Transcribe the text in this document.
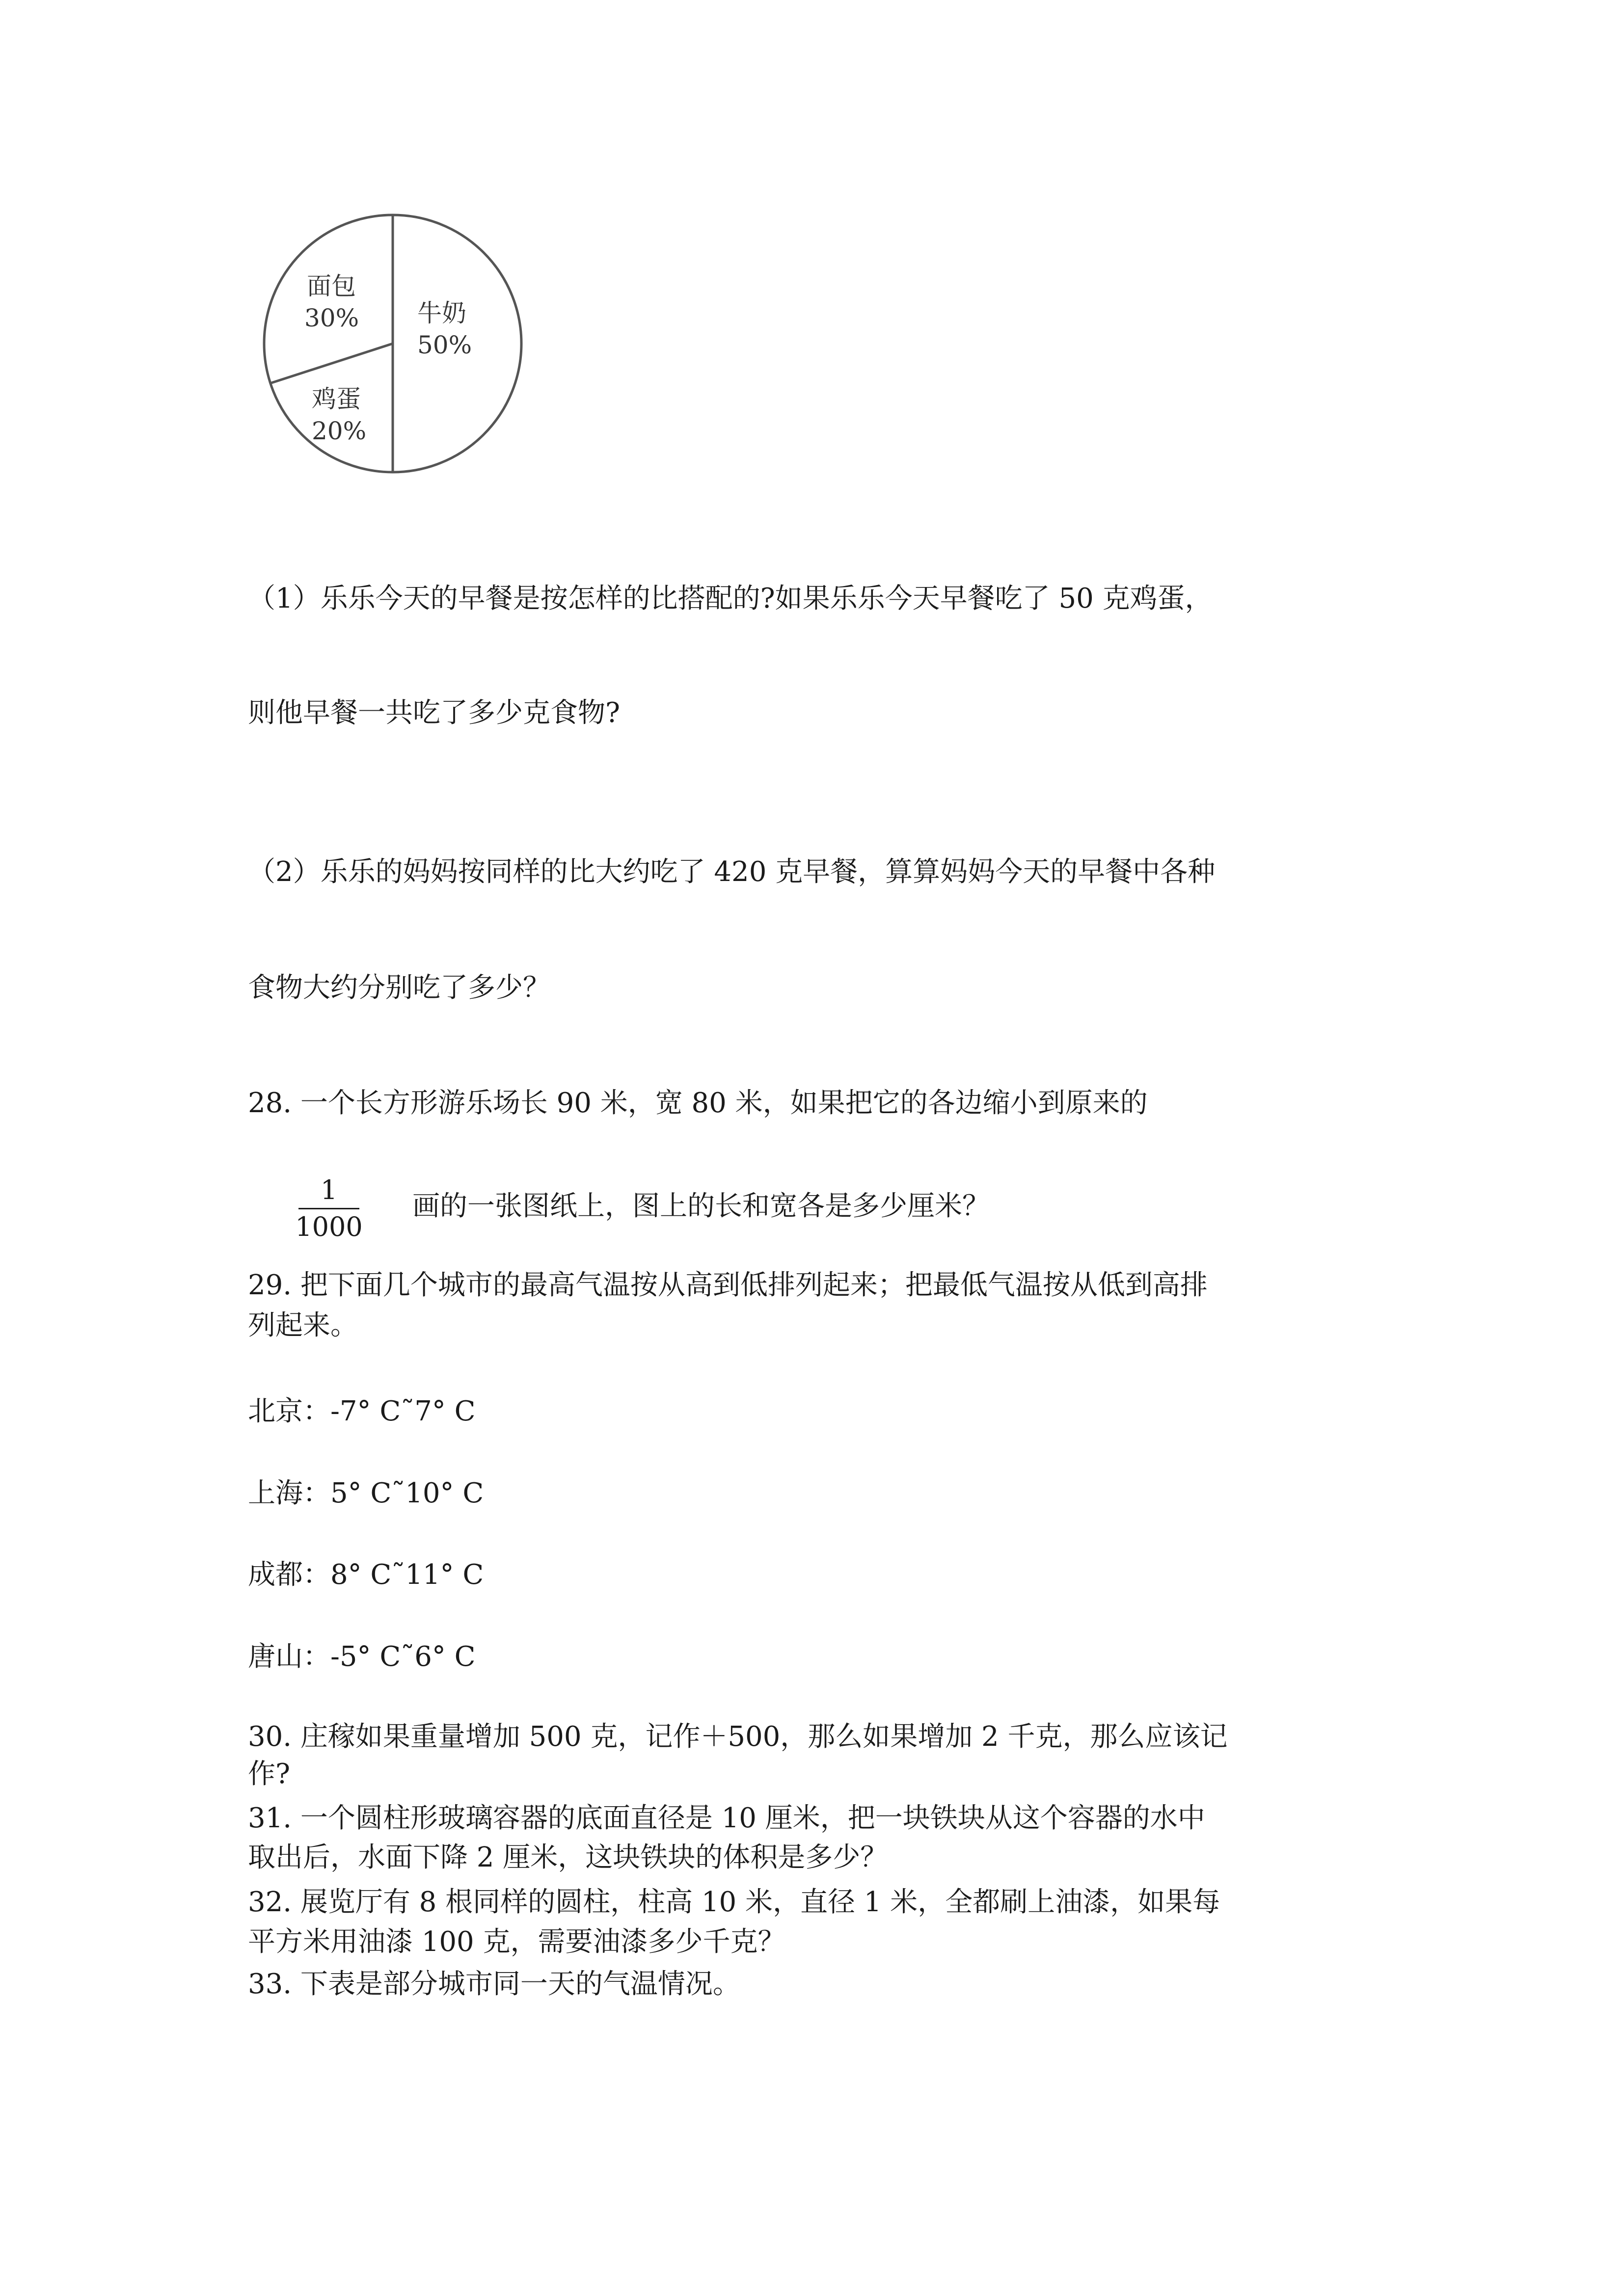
牛奶
50%
面包
30%
鸡蛋
20%
（1）乐乐今天的早餐是按怎样的比搭配的?如果乐乐今天早餐吃了 50 克鸡蛋，
则他早餐一共吃了多少克食物?
（2）乐乐的妈妈按同样的比大约吃了 420 克早餐，算算妈妈今天的早餐中各种
食物大约分别吃了多少？
28. 一个长方形游乐场长 90 米，宽 80 米，如果把它的各边缩小到原来的
1
1000
画的一张图纸上，图上的长和宽各是多少厘米？
29. 把下面几个城市的最高气温按从高到低排列起来；把最低气温按从低到高排
列起来。
北京：-7° C˜7° C
上海：5° C˜10° C
成都：8° C˜11° C
唐山：-5° C˜6° C
30. 庄稼如果重量增加 500 克，记作＋500，那么如果增加 2 千克，那么应该记
作?
31. 一个圆柱形玻璃容器的底面直径是 10 厘米，把一块铁块从这个容器的水中
取出后，水面下降 2 厘米，这块铁块的体积是多少？
32. 展览厅有 8 根同样的圆柱，柱高 10 米，直径 1 米，全都刷上油漆，如果每
平方米用油漆 100 克，需要油漆多少千克？
33. 下表是部分城市同一天的气温情况。
